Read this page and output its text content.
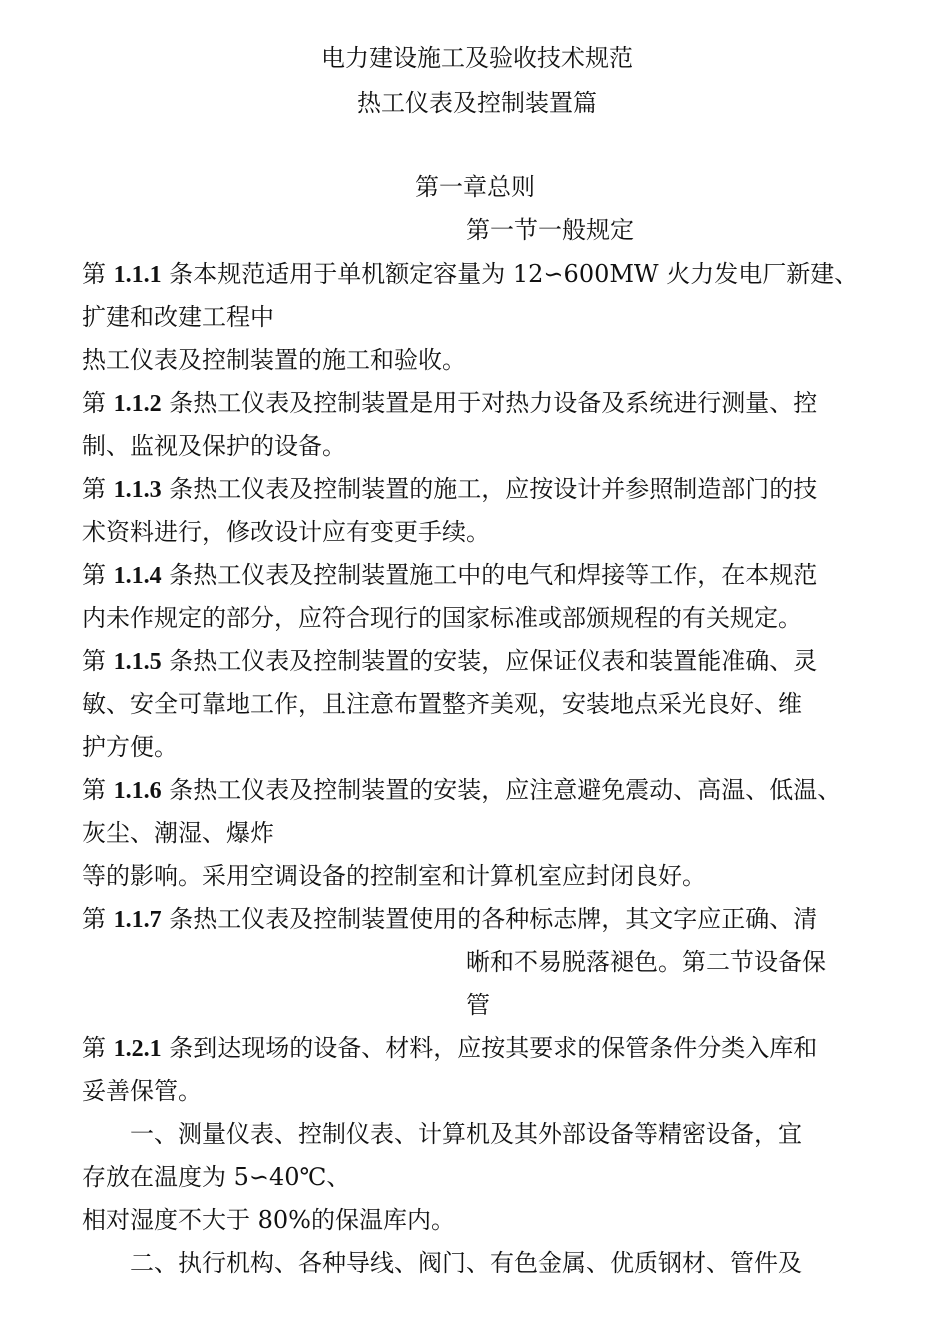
电力建设施工及验收技术规范
热工仪表及控制装置篇
第一章总则
第一节一般规定
第 1.1.1 条本规范适用于单机额定容量为 12∽600MW 火力发电厂新建、
扩建和改建工程中
热工仪表及控制装置的施工和验收。
第 1.1.2 条热工仪表及控制装置是用于对热力设备及系统进行测量、控
制、监视及保护的设备。
第 1.1.3 条热工仪表及控制装置的施工，应按设计并参照制造部门的技
术资料进行，修改设计应有变更手续。
第 1.1.4 条热工仪表及控制装置施工中的电气和焊接等工作，在本规范
内未作规定的部分，应符合现行的国家标准或部颁规程的有关规定。
第 1.1.5 条热工仪表及控制装置的安装，应保证仪表和装置能准确、灵
敏、安全可靠地工作，且注意布置整齐美观，安装地点采光良好、维
护方便。
第 1.1.6 条热工仪表及控制装置的安装，应注意避免震动、高温、低温、
灰尘、潮湿、爆炸
等的影响。采用空调设备的控制室和计算机室应封闭良好。
第 1.1.7 条热工仪表及控制装置使用的各种标志牌，其文字应正确、清
晰和不易脱落褪色。第二节设备保
管
第 1.2.1 条到达现场的设备、材料，应按其要求的保管条件分类入库和
妥善保管。
一、测量仪表、控制仪表、计算机及其外部设备等精密设备，宜
存放在温度为 5∽40℃、
相对湿度不大于 80%的保温库内。
二、执行机构、各种导线、阀门、有色金属、优质钢材、管件及
